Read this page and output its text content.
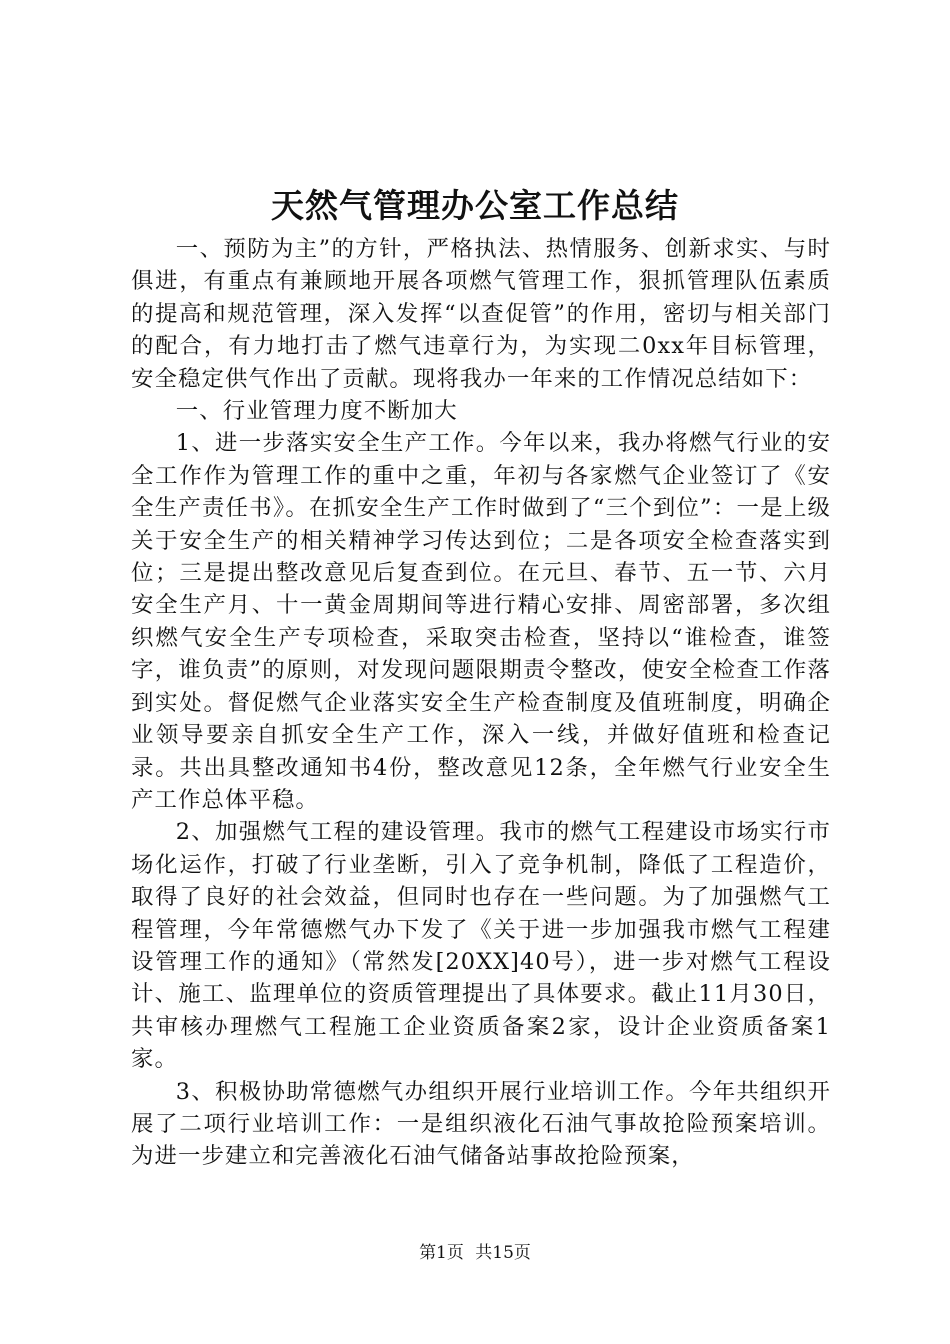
天然气管理办公室工作总结

一、预防为主”的方针，严格执法、热情服务、创新求实、与时俱进，有重点有兼顾地开展各项燃气管理工作，狠抓管理队伍素质的提高和规范管理，深入发挥“以查促管”的作用，密切与相关部门的配合，有力地打击了燃气违章行为，为实现二0xx年目标管理，安全稳定供气作出了贡献。现将我办一年来的工作情况总结如下：

一、行业管理力度不断加大

1、进一步落实安全生产工作。今年以来，我办将燃气行业的安全工作作为管理工作的重中之重，年初与各家燃气企业签订了《安全生产责任书》。在抓安全生产工作时做到了“三个到位”：一是上级关于安全生产的相关精神学习传达到位；二是各项安全检查落实到位；三是提出整改意见后复查到位。在元旦、春节、五一节、六月安全生产月、十一黄金周期间等进行精心安排、周密部署，多次组织燃气安全生产专项检查，采取突击检查，坚持以“谁检查，谁签字，谁负责”的原则，对发现问题限期责令整改，使安全检查工作落到实处。督促燃气企业落实安全生产检查制度及值班制度，明确企业领导要亲自抓安全生产工作，深入一线，并做好值班和检查记录。共出具整改通知书4份，整改意见12条，全年燃气行业安全生产工作总体平稳。

2、加强燃气工程的建设管理。我市的燃气工程建设市场实行市场化运作，打破了行业垄断，引入了竞争机制，降低了工程造价，取得了良好的社会效益，但同时也存在一些问题。为了加强燃气工程管理，今年常德燃气办下发了《关于进一步加强我市燃气工程建设管理工作的通知》（常然发[20XX]40号），进一步对燃气工程设计、施工、监理单位的资质管理提出了具体要求。截止11月30日，共审核办理燃气工程施工企业资质备案2家，设计企业资质备案1家。

3、积极协助常德燃气办组织开展行业培训工作。今年共组织开展了二项行业培训工作：一是组织液化石油气事故抢险预案培训。为进一步建立和完善液化石油气储备站事故抢险预案，

第1页 共15页
